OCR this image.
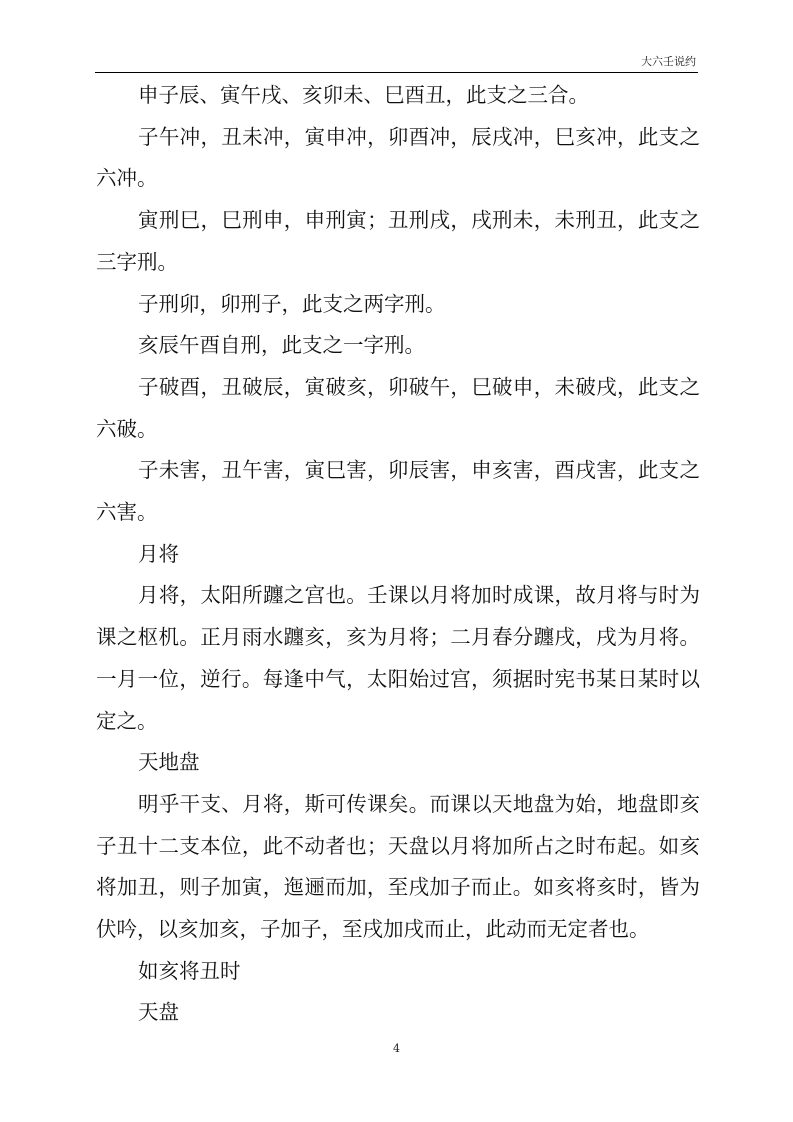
大六壬说约

申子辰、寅午戌、亥卯未、巳酉丑，此支之三合。

子午冲，丑未冲，寅申冲，卯酉冲，辰戌冲，巳亥冲，此支之六冲。

寅刑巳，巳刑申，申刑寅；丑刑戌，戌刑未，未刑丑，此支之三字刑。

子刑卯，卯刑子，此支之两字刑。

亥辰午酉自刑，此支之一字刑。

子破酉，丑破辰，寅破亥，卯破午，巳破申，未破戌，此支之六破。

子未害，丑午害，寅巳害，卯辰害，申亥害，酉戌害，此支之六害。

月将

月将，太阳所躔之宫也。壬课以月将加时成课，故月将与时为课之枢机。正月雨水躔亥，亥为月将；二月春分躔戌，戌为月将。一月一位，逆行。每逢中气，太阳始过宫，须据时宪书某日某时以定之。

天地盘

明乎干支、月将，斯可传课矣。而课以天地盘为始，地盘即亥子丑十二支本位，此不动者也；天盘以月将加所占之时布起。如亥将加丑，则子加寅，迤逦而加，至戌加子而止。如亥将亥时，皆为伏吟，以亥加亥，子加子，至戌加戌而止，此动而无定者也。

如亥将丑时

天盘

4
